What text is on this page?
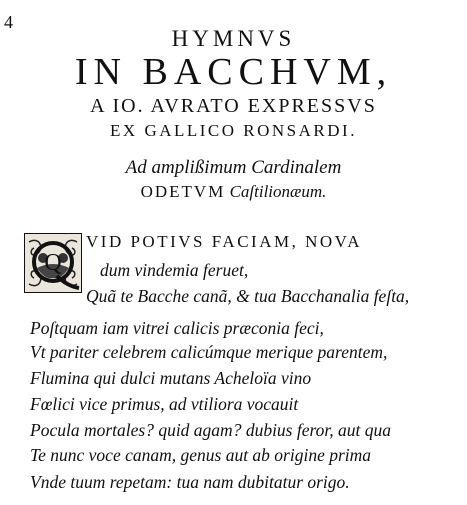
4
HYMNVS
IN BACCHVM,
A IO. AVRATO EXPRESSVS
EX GALLICO RONSARDI.
Ad amplißimum Cardinalem
ODETVM Caſtilionæum.
Q
VID POTIVS FACIAM, NOVA
dum vindemia feruet,
Quã te Bacche canã, & tua Bacchanalia feſta,
Poſtquam iam vitrei calicis præconia feci,
Vt pariter celebrem calicúmque merique parentem,
Flumina qui dulci mutans Acheloïa vino
Fœlici vice primus, ad vtiliora vocauit
Pocula mortales? quid agam? dubius feror, aut qua
Te nunc voce canam, genus aut ab origine prima
Vnde tuum repetam: tua nam dubitatur origo.
